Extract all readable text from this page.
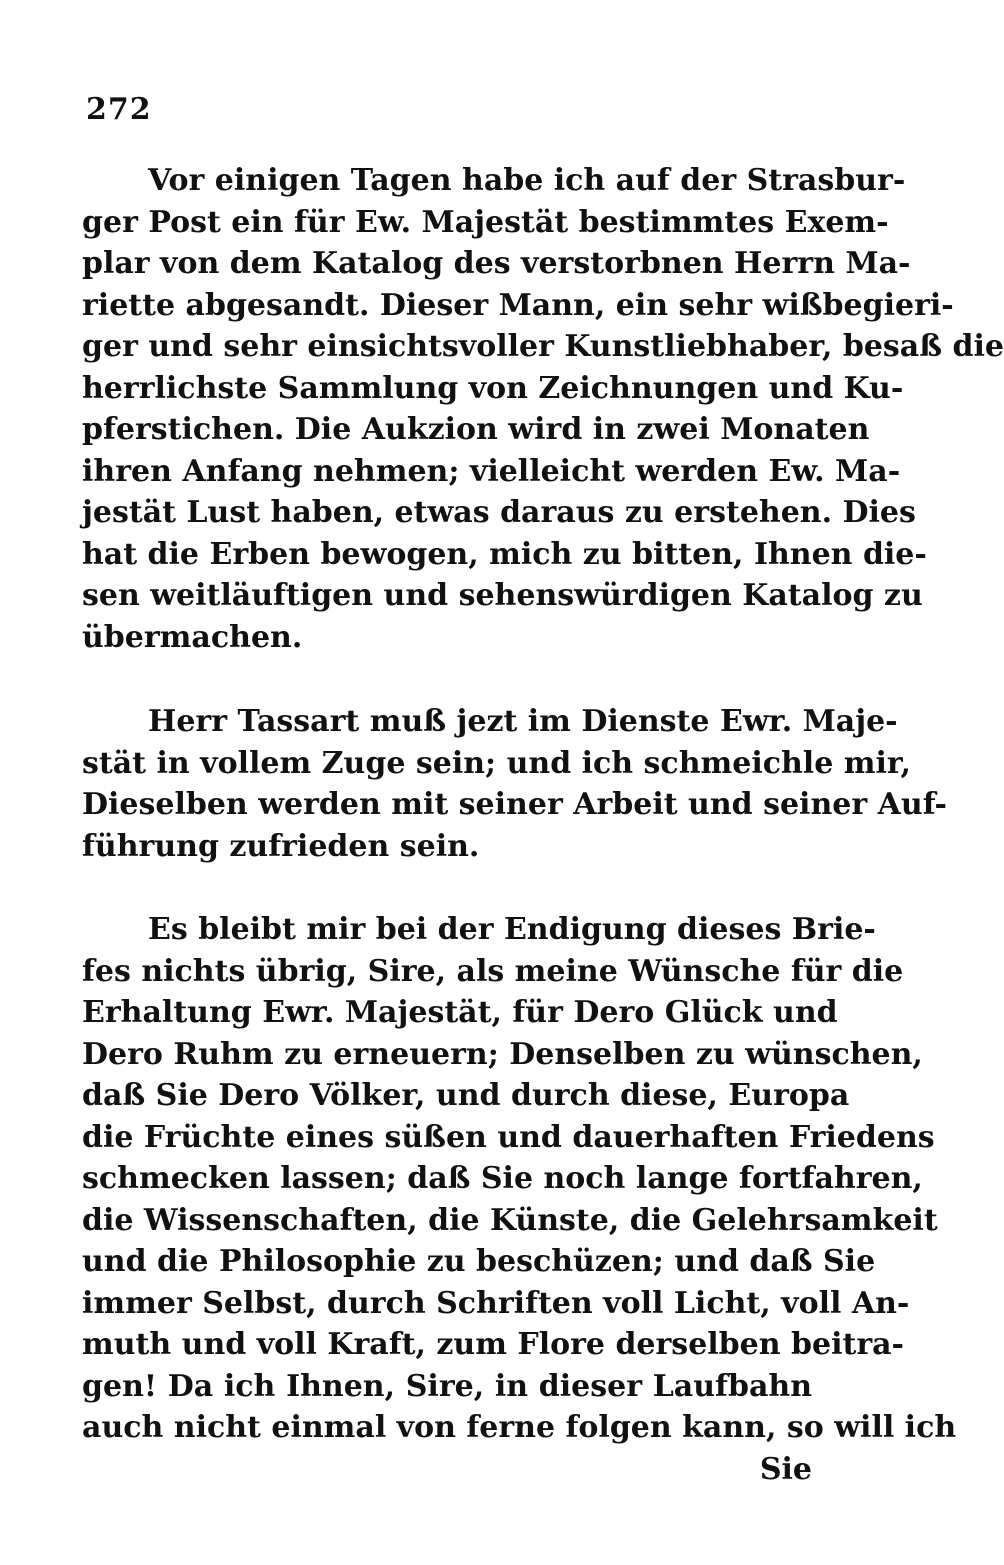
272
Vor einigen Tagen habe ich auf der Strasbur-
ger Post ein für Ew. Majestät bestimmtes Exem-
plar von dem Katalog des verstorbnen Herrn Ma-
riette abgesandt. Dieser Mann, ein sehr wißbegieri-
ger und sehr einsichtsvoller Kunstliebhaber, besaß die
herrlichste Sammlung von Zeichnungen und Ku-
pferstichen. Die Aukzion wird in zwei Monaten
ihren Anfang nehmen; vielleicht werden Ew. Ma-
jestät Lust haben, etwas daraus zu erstehen. Dies
hat die Erben bewogen, mich zu bitten, Ihnen die-
sen weitläuftigen und sehenswürdigen Katalog zu
übermachen.
Herr Tassart muß jezt im Dienste Ewr. Maje-
stät in vollem Zuge sein; und ich schmeichle mir,
Dieselben werden mit seiner Arbeit und seiner Auf-
führung zufrieden sein.
Es bleibt mir bei der Endigung dieses Brie-
fes nichts übrig, Sire, als meine Wünsche für die
Erhaltung Ewr. Majestät, für Dero Glück und
Dero Ruhm zu erneuern; Denselben zu wünschen,
daß Sie Dero Völker, und durch diese, Europa
die Früchte eines süßen und dauerhaften Friedens
schmecken lassen; daß Sie noch lange fortfahren,
die Wissenschaften, die Künste, die Gelehrsamkeit
und die Philosophie zu beschüzen; und daß Sie
immer Selbst, durch Schriften voll Licht, voll An-
muth und voll Kraft, zum Flore derselben beitra-
gen! Da ich Ihnen, Sire, in dieser Laufbahn
auch nicht einmal von ferne folgen kann, so will ich
Sie
